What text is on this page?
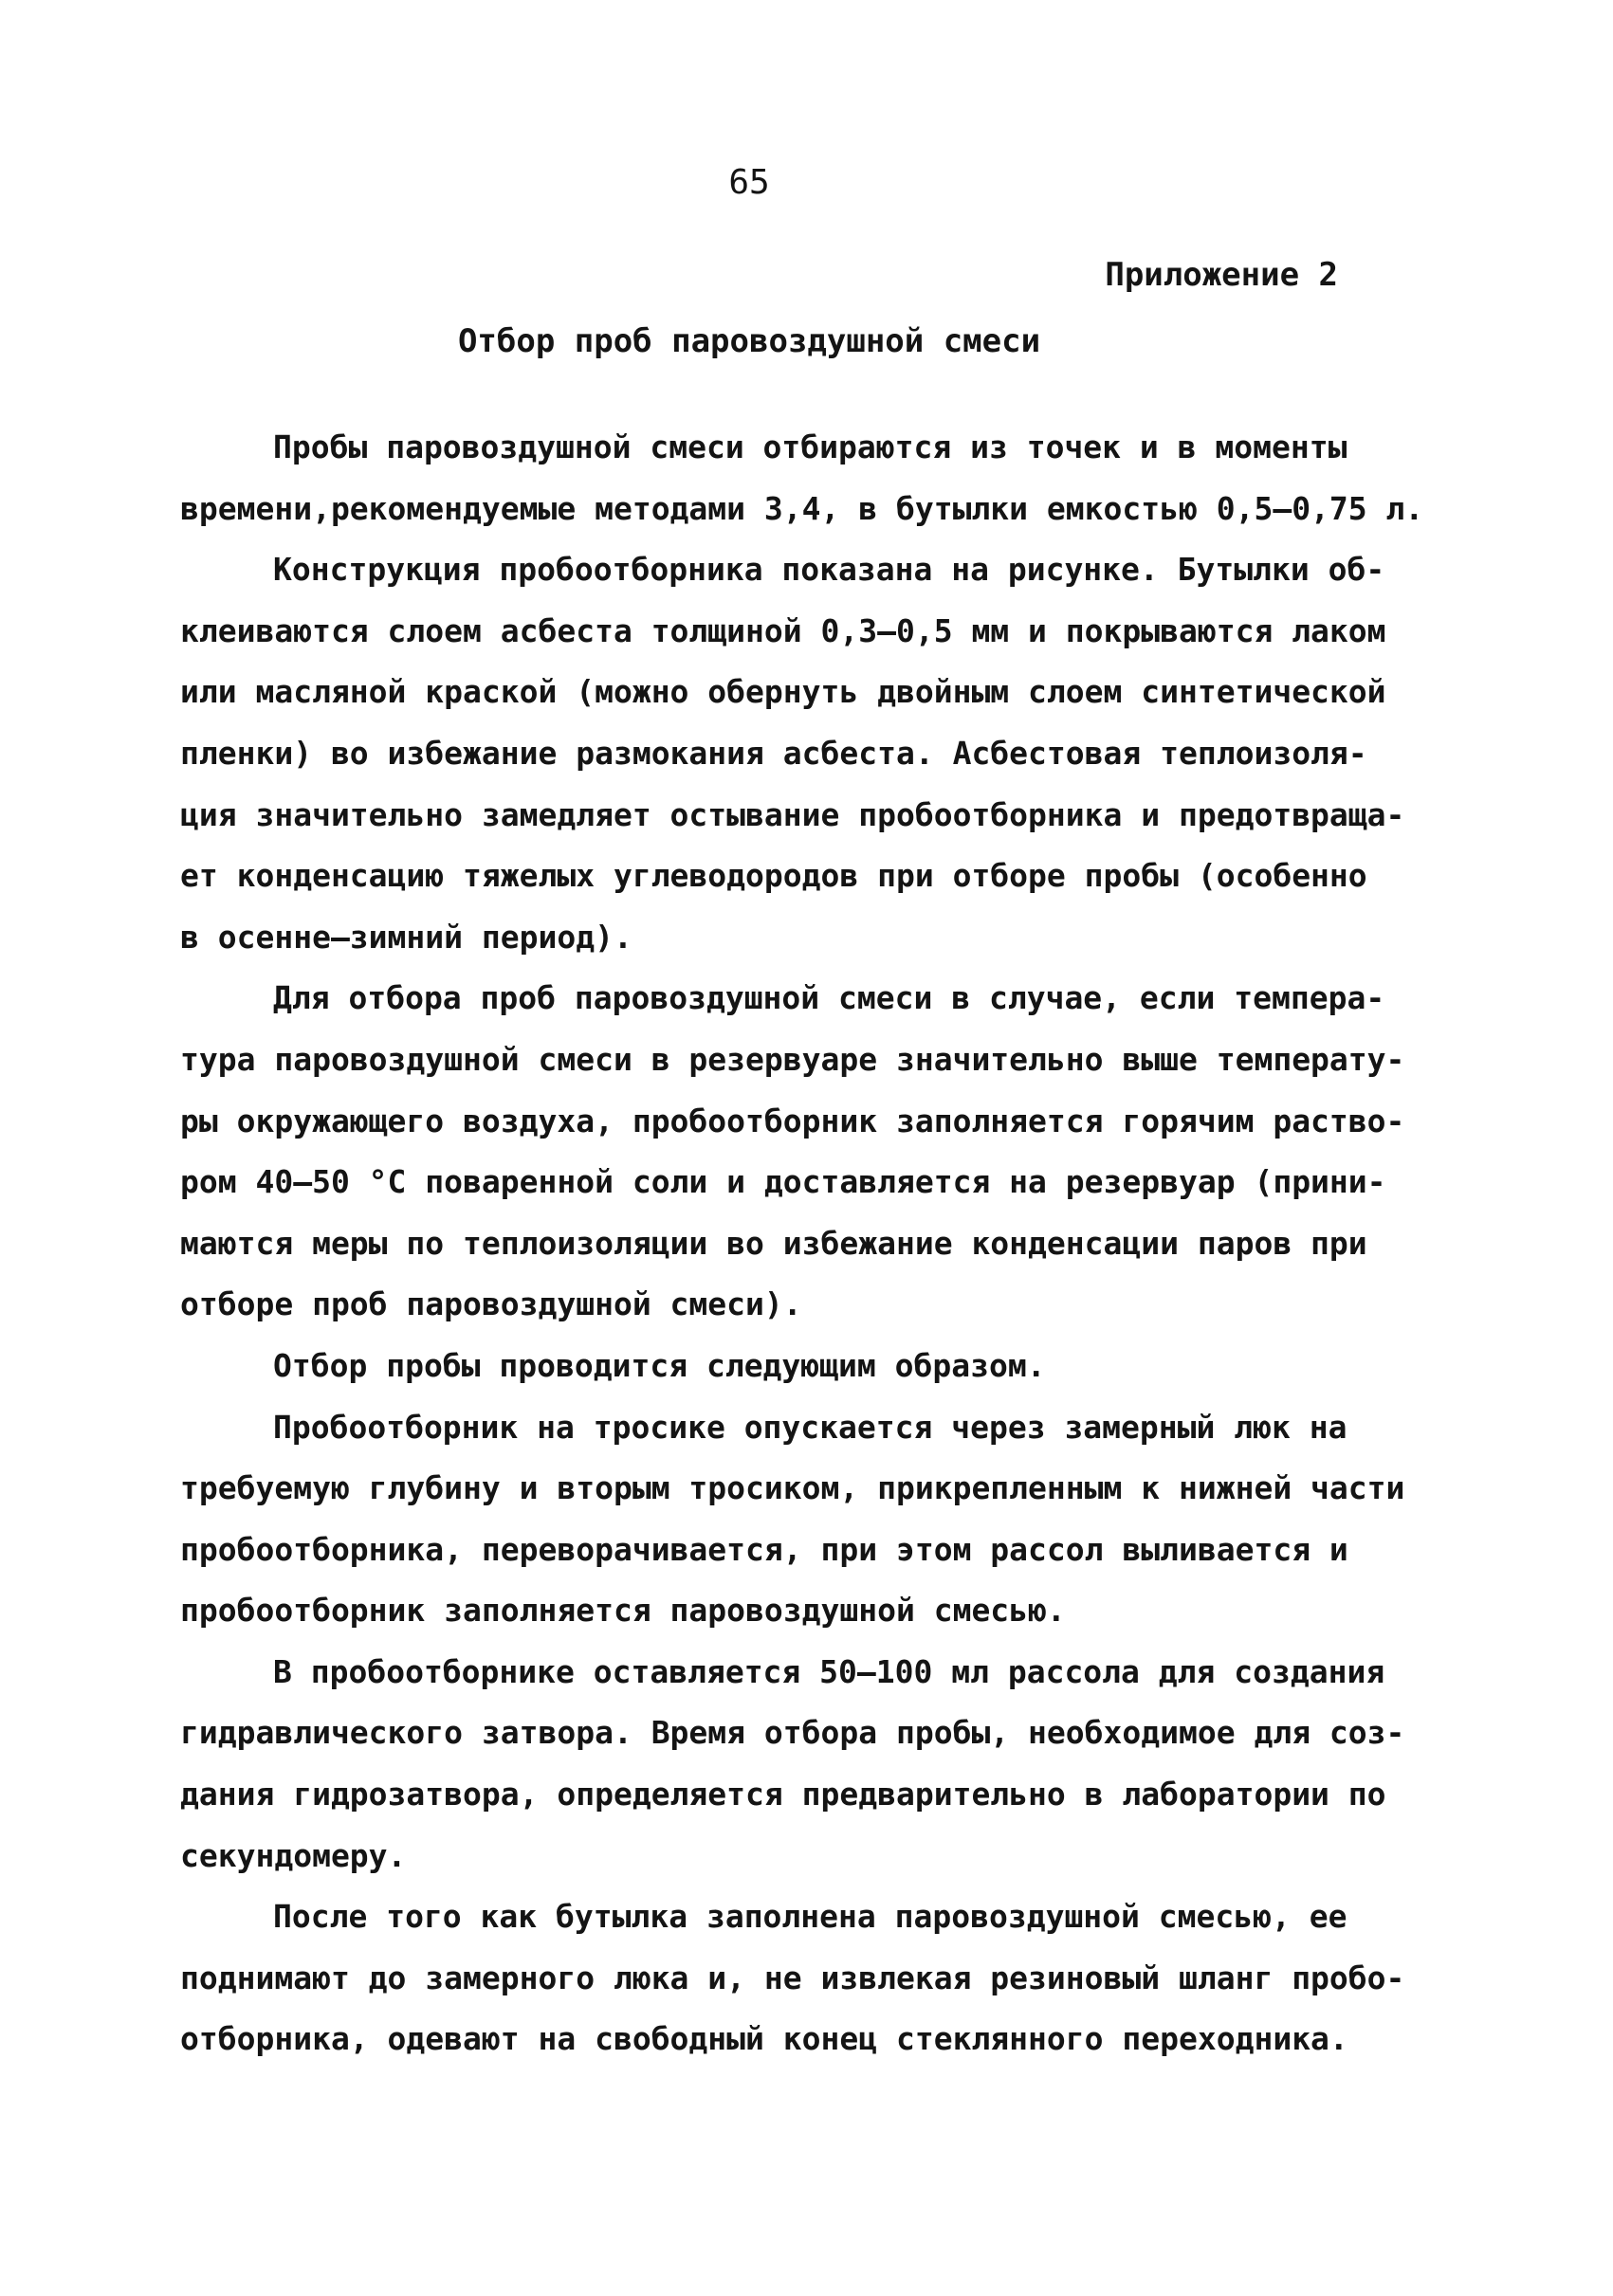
65
Приложение 2
Отбор проб паровоздушной смеси
Пробы паровоздушной смеси отбираются из точек и в моменты
времени,рекомендуемые методами 3,4, в бутылки емкостью 0,5–0,75 л.
Конструкция пробоотборника показана на рисунке. Бутылки об-
клеиваются слоем асбеста толщиной 0,3–0,5 мм и покрываются лаком
или масляной краской (можно обернуть двойным слоем синтетической
пленки) во избежание размокания асбеста. Асбестовая теплоизоля-
ция значительно замедляет остывание пробоотборника и предотвраща-
ет конденсацию тяжелых углеводородов при отборе пробы (особенно
в осенне–зимний период).
Для отбора проб паровоздушной смеси в случае, если темпера-
тура паровоздушной смеси в резервуаре значительно выше температу-
ры окружающего воздуха, пробоотборник заполняется горячим раство-
ром 40–50 °С поваренной соли и доставляется на резервуар (прини-
маются меры по теплоизоляции во избежание конденсации паров при
отборе проб паровоздушной смеси).
Отбор пробы проводится следующим образом.
Пробоотборник на тросике опускается через замерный люк на
требуемую глубину и вторым тросиком, прикрепленным к нижней части
пробоотборника, переворачивается, при этом рассол выливается и
пробоотборник заполняется паровоздушной смесью.
В пробоотборнике оставляется 50–100 мл рассола для создания
гидравлического затвора. Время отбора пробы, необходимое для соз-
дания гидрозатвора, определяется предварительно в лаборатории по
секундомеру.
После того как бутылка заполнена паровоздушной смесью, ее
поднимают до замерного люка и, не извлекая резиновый шланг пробо-
отборника, одевают на свободный конец стеклянного переходника.
